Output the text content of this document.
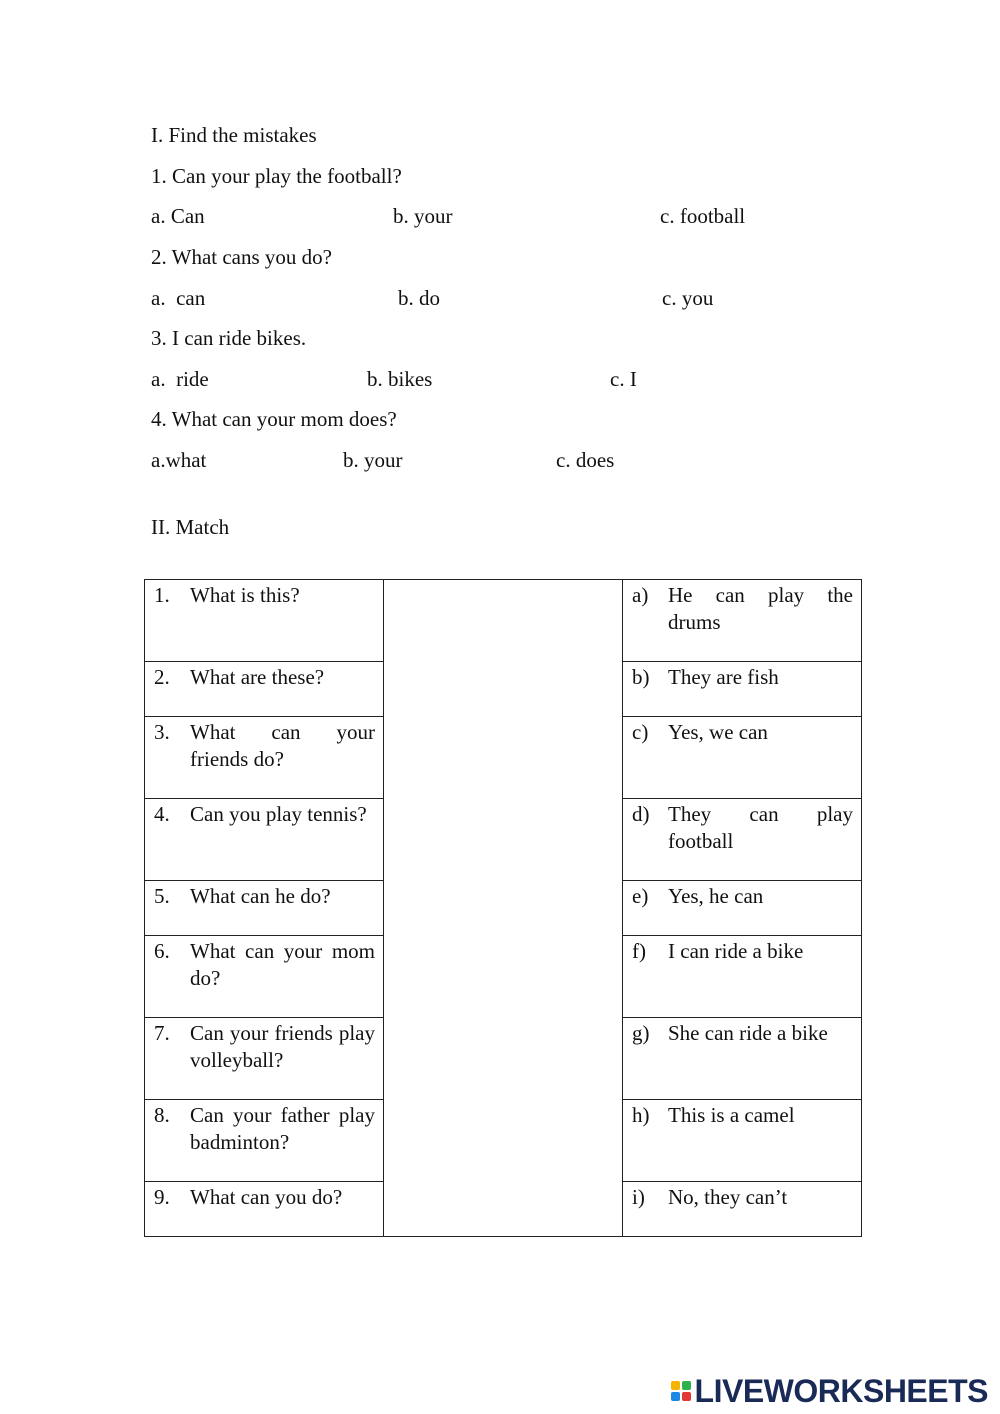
I. Find the mistakes
1. Can your play the football?
a. Can	b. your	c. football
2. What cans you do?
a.  can	b. do	c. you
3. I can ride bikes.
a.  ride	b. bikes	c. I
4. What can your mom does?
a.what	b. your	c. does
II. Match
1. What is this?		a) He can play the drums

2. What are these?		b) They are fish

3. What can your friends do?		c) Yes, we can

4. Can you play tennis?		d) They can play football

5. What can he do?		e) Yes, he can

6. What can your mom do?		f) I can ride a bike

7. Can your friends play volleyball?		g) She can ride a bike

8. Can your father play badminton?		h) This is a camel

9. What can you do?		i) No, they can’t
LIVEWORKSHEETS
